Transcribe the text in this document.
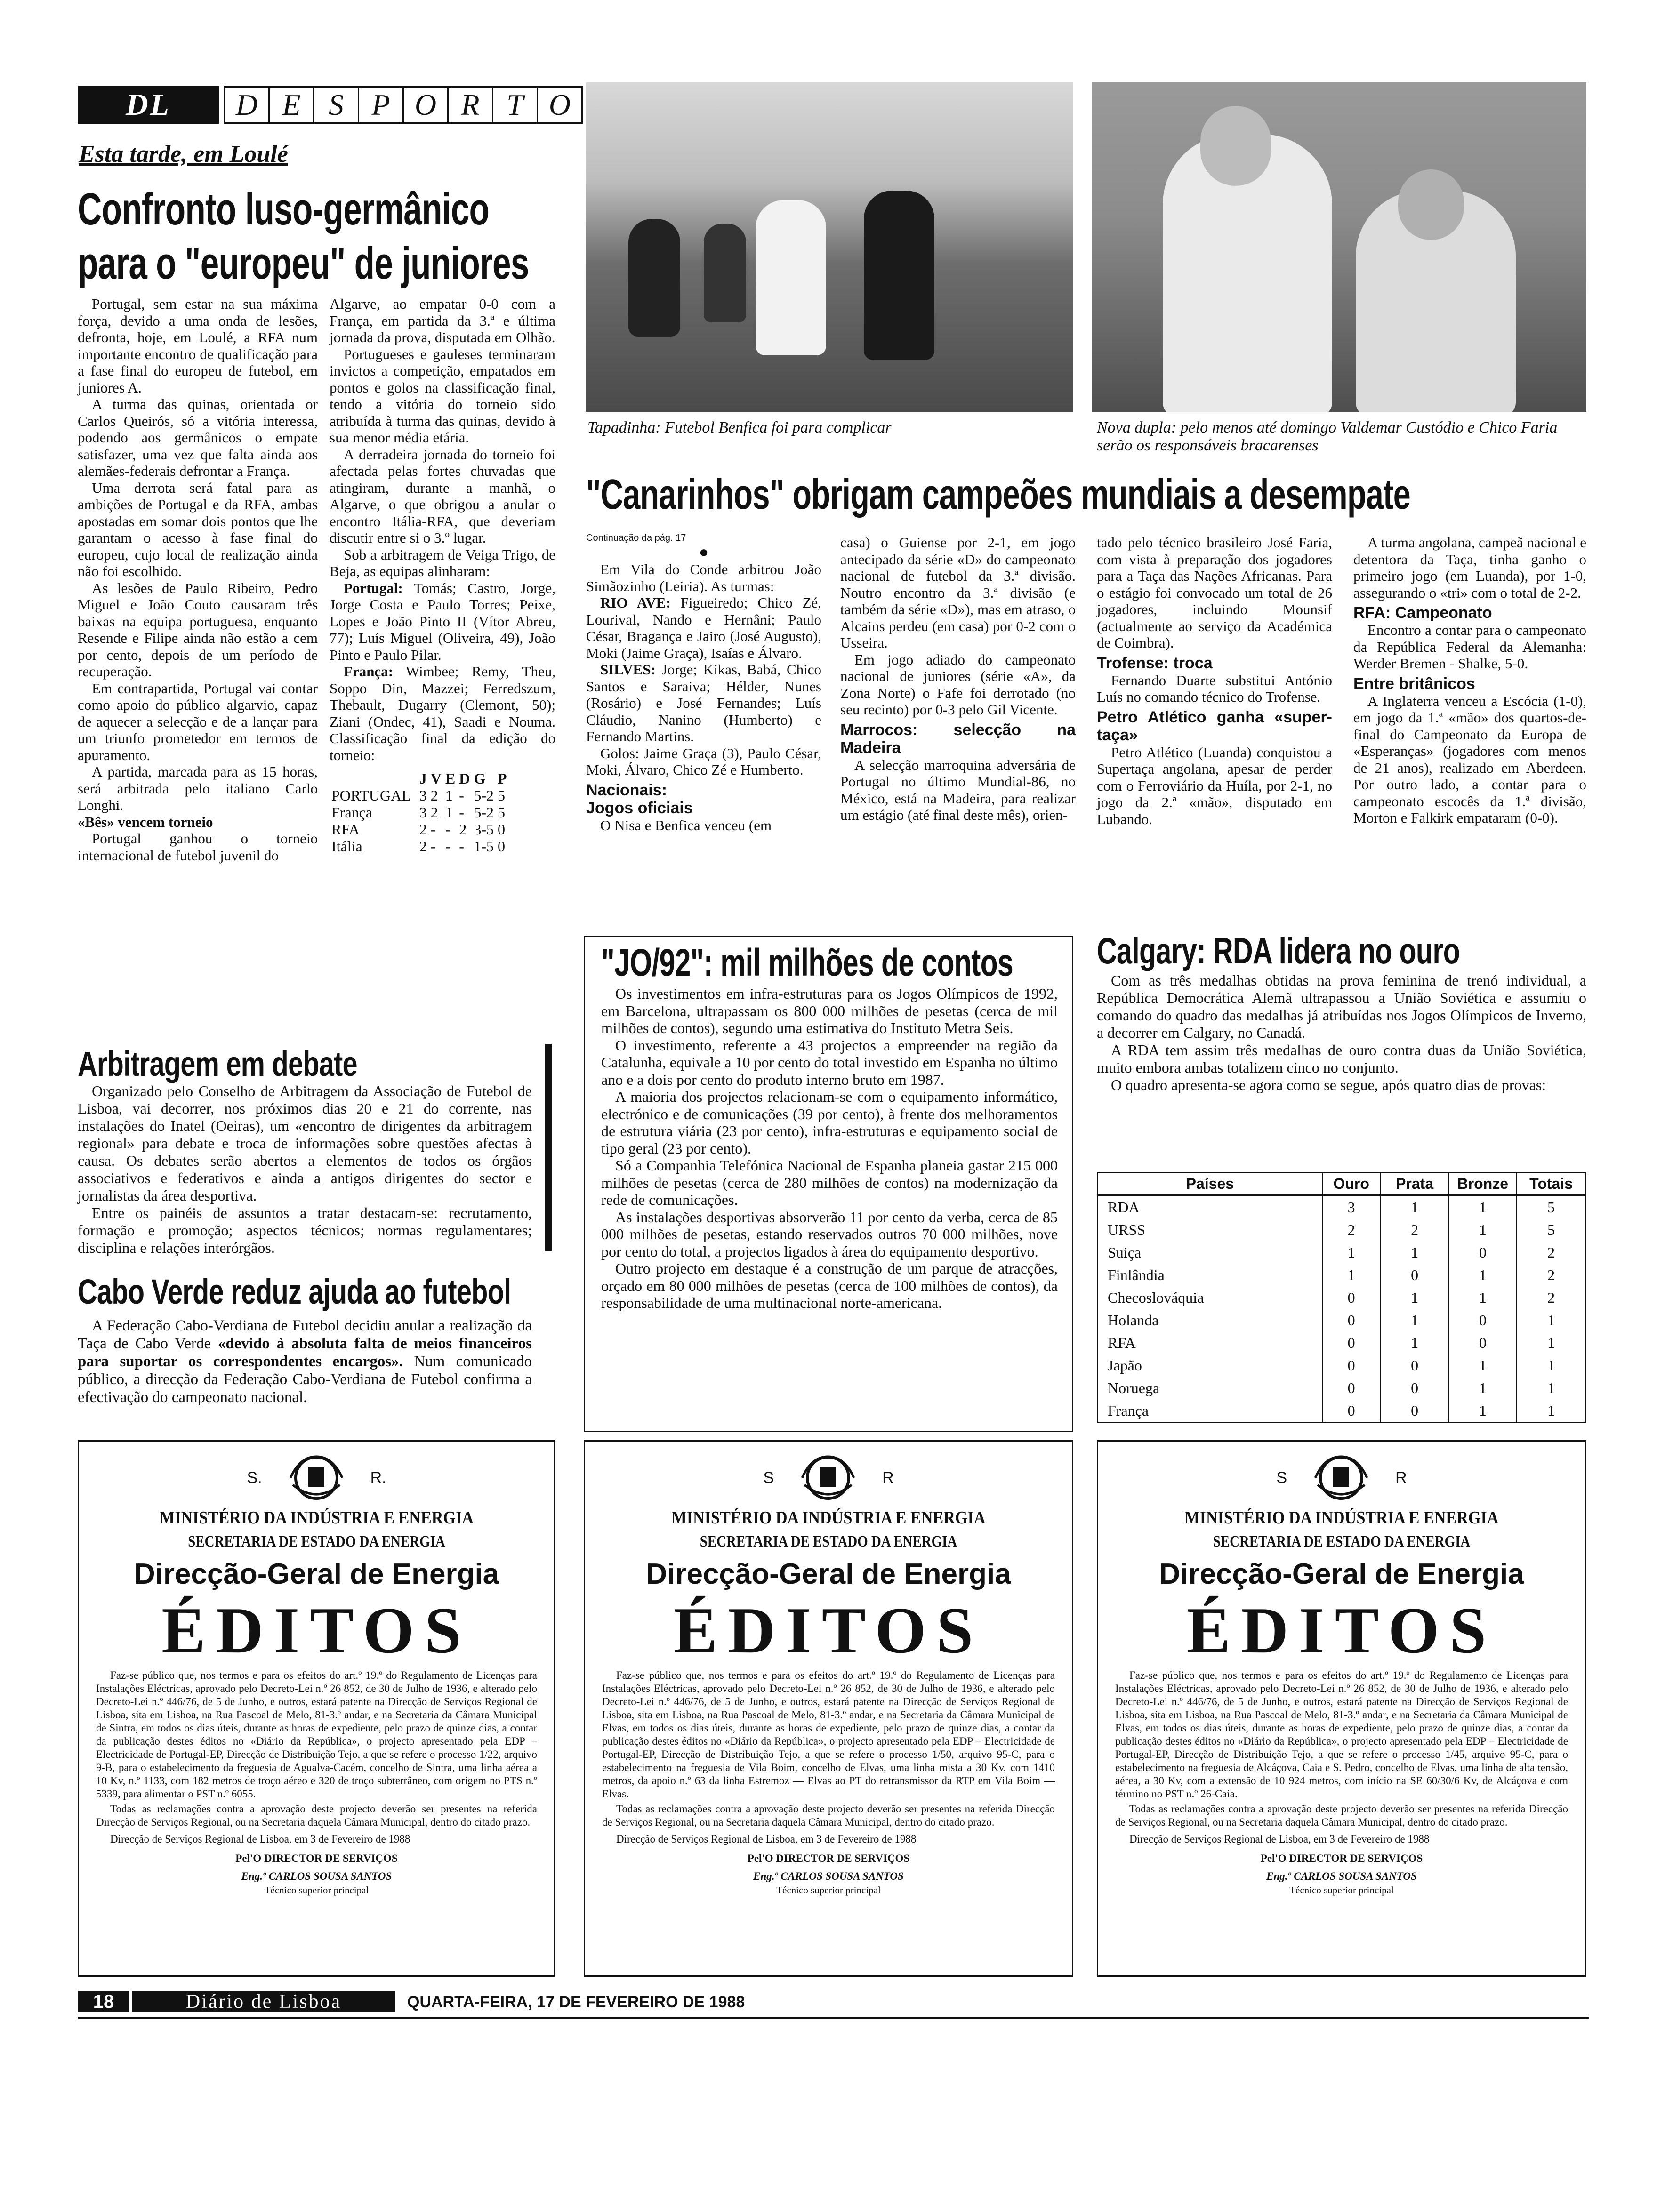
DL	D E S P O R T O
Esta tarde, em Loulé
Confronto luso-germânico
para o "europeu" de juniores

Portugal, sem estar na sua máxima força, devido a uma onda de lesões, defronta, hoje, em Loulé, a RFA num importante encontro de qualificação para a fase final do europeu de futebol, em juniores A.

A turma das quinas, orientada or Carlos Queirós, só a vitória interessa, podendo aos germânicos o empate satisfazer, uma vez que falta ainda aos alemães-federais defrontar a França.

Uma derrota será fatal para as ambições de Portugal e da RFA, ambas apostadas em somar dois pontos que lhe garantam o acesso à fase final do europeu, cujo local de realização ainda não foi escolhido.

As lesões de Paulo Ribeiro, Pedro Miguel e João Couto causaram três baixas na equipa portuguesa, enquanto Resende e Filipe ainda não estão a cem por cento, depois de um período de recuperação.

Em contrapartida, Portugal vai contar como apoio do público algarvio, capaz de aquecer a selecção e de a lançar para um triunfo prometedor em termos de apuramento.

A partida, marcada para as 15 horas, será arbitrada pelo italiano Carlo Longhi.

«Bês» vencem torneio

Portugal ganhou o torneio internacional de futebol juvenil do

Algarve, ao empatar 0-0 com a França, em partida da 3.ª e última jornada da prova, disputada em Olhão.

Portugueses e gauleses terminaram invictos a competição, empatados em pontos e golos na classificação final, tendo a vitória do torneio sido atribuída à turma das quinas, devido à sua menor média etária.

A derradeira jornada do torneio foi afectada pelas fortes chuvadas que atingiram, durante a manhã, o Algarve, o que obrigou a anular o encontro Itália-RFA, que deveriam discutir entre si o 3.º lugar.

Sob a arbitragem de Veiga Trigo, de Beja, as equipas alinharam:

Portugal: Tomás; Castro, Jorge, Jorge Costa e Paulo Torres; Peixe, Lopes e João Pinto II (Vítor Abreu, 77); Luís Miguel (Oliveira, 49), João Pinto e Paulo Pilar.

França: Wimbee; Remy, Theu, Soppo Din, Mazzei; Ferredszum, Thebault, Dugarry (Clemont, 50); Ziani (Ondec, 41), Saadi e Nouma. Classificação final da edição do torneio:

	J	V	E	D	G	P
PORTUGAL	3	2	1	-	5-2	5
França	3	2	1	-	5-2	5
RFA	2	-	-	2	3-5	0
Itália	2	-	-	-	1-5	0
Arbitragem em debate

Organizado pelo Conselho de Arbitragem da Associação de Futebol de Lisboa, vai decorrer, nos próximos dias 20 e 21 do corrente, nas instalações do Inatel (Oeiras), um «encontro de dirigentes da arbitragem regional» para debate e troca de informações sobre questões afectas à causa. Os debates serão abertos a elementos de todos os órgãos associativos e federativos e ainda a antigos dirigentes do sector e jornalistas da área desportiva.

Entre os painéis de assuntos a tratar destacam-se: recrutamento, formação e promoção; aspectos técnicos; normas regulamentares; disciplina e relações interórgãos.

Cabo Verde reduz ajuda ao futebol

A Federação Cabo-Verdiana de Futebol decidiu anular a realização da Taça de Cabo Verde «devido à absoluta falta de meios financeiros para suportar os correspondentes encargos». Num comunicado público, a direcção da Federação Cabo-Verdiana de Futebol confirma a efectivação do campeonato nacional.

Tapadinha: Futebol Benfica foi para complicar	Nova dupla: pelo menos até domingo Valdemar Custódio e Chico Faria serão os responsáveis bracarenses
"Canarinhos" obrigam campeões mundiais a desempate

Continuação da pág. 17

●

Em Vila do Conde arbitrou João Simãozinho (Leiria). As turmas:

RIO AVE: Figueiredo; Chico Zé, Lourival, Nando e Hernâni; Paulo César, Bragança e Jairo (José Augusto), Moki (Jaime Graça), Isaías e Álvaro.

SILVES: Jorge; Kikas, Babá, Chico Santos e Saraiva; Hélder, Nunes (Rosário) e José Fernandes; Luís Cláudio, Nanino (Humberto) e Fernando Martins.

Golos: Jaime Graça (3), Paulo César, Moki, Álvaro, Chico Zé e Humberto.

Nacionais:

Jogos oficiais

O Nisa e Benfica venceu (em

casa) o Guiense por 2-1, em jogo antecipado da série «D» do campeonato nacional de futebol da 3.ª divisão. Noutro encontro da 3.ª divisão (e também da série «D»), mas em atraso, o Alcains perdeu (em casa) por 0-2 com o Usseira.

Em jogo adiado do campeonato nacional de juniores (série «A», da Zona Norte) o Fafe foi derrotado (no seu recinto) por 0-3 pelo Gil Vicente.

Marrocos: selecção na Madeira

A selecção marroquina adversária de Portugal no último Mundial-86, no México, está na Madeira, para realizar um estágio (até final deste mês), orien-

tado pelo técnico brasileiro José Faria, com vista à preparação dos jogadores para a Taça das Nações Africanas. Para o estágio foi convocado um total de 26 jogadores, incluindo Mounsif (actualmente ao serviço da Académica de Coimbra).

Trofense: troca

Fernando Duarte substitui António Luís no comando técnico do Trofense.

Petro Atlético ganha «super-taça»

Petro Atlético (Luanda) conquistou a Supertaça angolana, apesar de perder com o Ferroviário da Huíla, por 2-1, no jogo da 2.ª «mão», disputado em Lubando.

A turma angolana, campeã nacional e detentora da Taça, tinha ganho o primeiro jogo (em Luanda), por 1-0, assegurando o «tri» com o total de 2-2.

RFA: Campeonato

Encontro a contar para o campeonato da República Federal da Alemanha: Werder Bremen - Shalke, 5-0.

Entre britânicos

A Inglaterra venceu a Escócia (1-0), em jogo da 1.ª «mão» dos quartos-de-final do Campeonato da Europa de «Esperanças» (jogadores com menos de 21 anos), realizado em Aberdeen. Por outro lado, a contar para o campeonato escocês da 1.ª divisão, Morton e Falkirk empataram (0-0).

"JO/92": mil milhões de contos

Os investimentos em infra-estruturas para os Jogos Olímpicos de 1992, em Barcelona, ultrapassam os 800 000 milhões de pesetas (cerca de mil milhões de contos), segundo uma estimativa do Instituto Metra Seis.

O investimento, referente a 43 projectos a empreender na região da Catalunha, equivale a 10 por cento do total investido em Espanha no último ano e a dois por cento do produto interno bruto em 1987.

A maioria dos projectos relacionam-se com o equipamento informático, electrónico e de comunicações (39 por cento), à frente dos melhoramentos de estrutura viária (23 por cento), infra-estruturas e equipamento social de tipo geral (23 por cento).

Só a Companhia Telefónica Nacional de Espanha planeia gastar 215 000 milhões de pesetas (cerca de 280 milhões de contos) na modernização da rede de comunicações.

As instalações desportivas absorverão 11 por cento da verba, cerca de 85 000 milhões de pesetas, estando reservados outros 70 000 milhões, nove por cento do total, a projectos ligados à área do equipamento desportivo.

Outro projecto em destaque é a construção de um parque de atracções, orçado em 80 000 milhões de pesetas (cerca de 100 milhões de contos), da responsabilidade de uma multinacional norte-americana.

Calgary: RDA lidera no ouro

Com as três medalhas obtidas na prova feminina de trenó individual, a República Democrática Alemã ultrapassou a União Soviética e assumiu o comando do quadro das medalhas já atribuídas nos Jogos Olímpicos de Inverno, a decorrer em Calgary, no Canadá.

A RDA tem assim três medalhas de ouro contra duas da União Soviética, muito embora ambas totalizem cinco no conjunto.

O quadro apresenta-se agora como se segue, após quatro dias de provas:

Países	Ouro	Prata	Bronze	Totais
RDA	3	1	1	5
URSS	2	2	1	5
Suiça	1	1	0	2
Finlândia	1	0	1	2
Checoslováquia	0	1	1	2
Holanda	0	1	0	1
RFA	0	1	0	1
Japão	0	0	1	1
Noruega	0	0	1	1
França	0	0	1	1
S.	R.
MINISTÉRIO DA INDÚSTRIA E ENERGIA
SECRETARIA DE ESTADO DA ENERGIA
Direcção-Geral de Energia
ÉDITOS

Faz-se público que, nos termos e para os efeitos do art.º 19.º do Regulamento de Licenças para Instalações Eléctricas, aprovado pelo Decreto-Lei n.º 26 852, de 30 de Julho de 1936, e alterado pelo Decreto-Lei n.º 446/76, de 5 de Junho, e outros, estará patente na Direcção de Serviços Regional de Lisboa, sita em Lisboa, na Rua Pascoal de Melo, 81-3.º andar, e na Secretaria da Câmara Municipal de Sintra, em todos os dias úteis, durante as horas de expediente, pelo prazo de quinze dias, a contar da publicação destes éditos no «Diário da República», o projecto apresentado pela EDP – Electricidade de Portugal-EP, Direcção de Distribuição Tejo, a que se refere o processo 1/22, arquivo 9-B, para o estabelecimento da freguesia de Agualva-Cacém, concelho de Sintra, uma linha aérea a 10 Kv, n.º 1133, com 182 metros de troço aéreo e 320 de troço subterrâneo, com origem no PTS n.º 5339, para alimentar o PST n.º 6055.

Todas as reclamações contra a aprovação deste projecto deverão ser presentes na referida Direcção de Serviços Regional, ou na Secretaria daquela Câmara Municipal, dentro do citado prazo.

Direcção de Serviços Regional de Lisboa, em 3 de Fevereiro de 1988

Pel'O DIRECTOR DE SERVIÇOS
Eng.º CARLOS SOUSA SANTOS
Técnico superior principal
S	R
MINISTÉRIO DA INDÚSTRIA E ENERGIA
SECRETARIA DE ESTADO DA ENERGIA
Direcção-Geral de Energia
ÉDITOS

Faz-se público que, nos termos e para os efeitos do art.º 19.º do Regulamento de Licenças para Instalações Eléctricas, aprovado pelo Decreto-Lei n.º 26 852, de 30 de Julho de 1936, e alterado pelo Decreto-Lei n.º 446/76, de 5 de Junho, e outros, estará patente na Direcção de Serviços Regional de Lisboa, sita em Lisboa, na Rua Pascoal de Melo, 81-3.º andar, e na Secretaria da Câmara Municipal de Elvas, em todos os dias úteis, durante as horas de expediente, pelo prazo de quinze dias, a contar da publicação destes éditos no «Diário da República», o projecto apresentado pela EDP – Electricidade de Portugal-EP, Direcção de Distribuição Tejo, a que se refere o processo 1/50, arquivo 95-C, para o estabelecimento na freguesia de Vila Boim, concelho de Elvas, uma linha mista a 30 Kv, com 1410 metros, da apoio n.º 63 da linha Estremoz — Elvas ao PT do retransmissor da RTP em Vila Boim — Elvas.

Todas as reclamações contra a aprovação deste projecto deverão ser presentes na referida Direcção de Serviços Regional, ou na Secretaria daquela Câmara Municipal, dentro do citado prazo.

Direcção de Serviços Regional de Lisboa, em 3 de Fevereiro de 1988

Pel'O DIRECTOR DE SERVIÇOS
Eng.º CARLOS SOUSA SANTOS
Técnico superior principal
S	R
MINISTÉRIO DA INDÚSTRIA E ENERGIA
SECRETARIA DE ESTADO DA ENERGIA
Direcção-Geral de Energia
ÉDITOS

Faz-se público que, nos termos e para os efeitos do art.º 19.º do Regulamento de Licenças para Instalações Eléctricas, aprovado pelo Decreto-Lei n.º 26 852, de 30 de Julho de 1936, e alterado pelo Decreto-Lei n.º 446/76, de 5 de Junho, e outros, estará patente na Direcção de Serviços Regional de Lisboa, sita em Lisboa, na Rua Pascoal de Melo, 81-3.º andar, e na Secretaria da Câmara Municipal de Elvas, em todos os dias úteis, durante as horas de expediente, pelo prazo de quinze dias, a contar da publicação destes éditos no «Diário da República», o projecto apresentado pela EDP – Electricidade de Portugal-EP, Direcção de Distribuição Tejo, a que se refere o processo 1/45, arquivo 95-C, para o estabelecimento na freguesia de Alcáçova, Caia e S. Pedro, concelho de Elvas, uma linha de alta tensão, aérea, a 30 Kv, com a extensão de 10 924 metros, com início na SE 60/30/6 Kv, de Alcáçova e com término no PST n.º 26-Caia.

Todas as reclamações contra a aprovação deste projecto deverão ser presentes na referida Direcção de Serviços Regional, ou na Secretaria daquela Câmara Municipal, dentro do citado prazo.

Direcção de Serviços Regional de Lisboa, em 3 de Fevereiro de 1988

Pel'O DIRECTOR DE SERVIÇOS
Eng.º CARLOS SOUSA SANTOS
Técnico superior principal
18	Diário de Lisboa	QUARTA-FEIRA, 17 DE FEVEREIRO DE 1988
